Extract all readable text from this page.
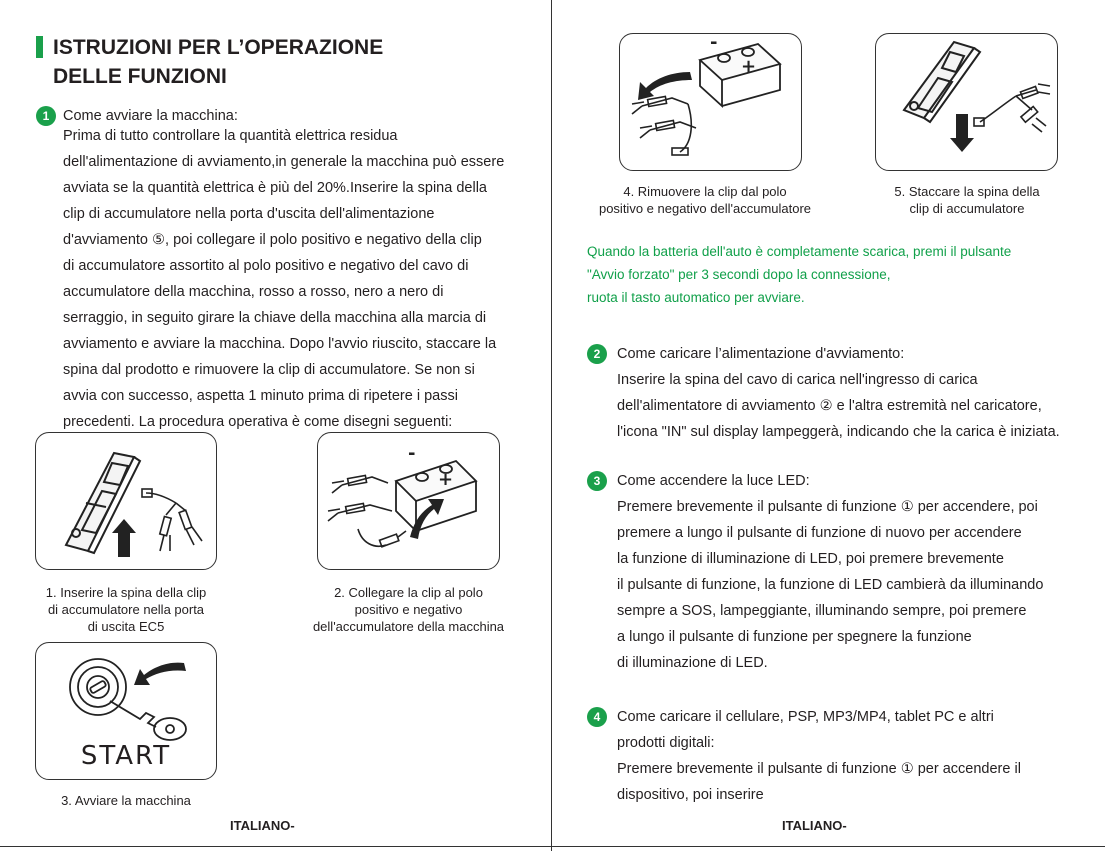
ISTRUZIONI PER L’OPERAZIONE
DELLE FUNZIONI
1 Come avviare la macchina:
Prima di tutto controllare la quantità elettrica residua
dell'alimentazione di avviamento,in generale la macchina può essere
avviata se la quantità elettrica è più del 20%.Inserire la spina della
clip di accumulatore nella porta d'uscita dell'alimentazione
d'avviamento ⑤, poi collegare il polo positivo e negativo della clip
di accumulatore assortito al polo positivo e negativo del cavo di
accumulatore della macchina, rosso a rosso, nero a nero di
serraggio, in seguito girare la chiave della macchina alla marcia di
avviamento e avviare la macchina. Dopo l'avvio riuscito, staccare la
spina dal prodotto e rimuovere la clip di accumulatore. Se non si
avvia con successo, aspetta 1 minuto prima di ripetere i passi
precedenti. La procedura operativa è come disegni seguenti:
1. Inserire la spina della clip
di accumulatore nella porta
di uscita EC5
-
+
2. Collegare la clip al polo
positivo e negativo
dell'accumulatore della macchina
START
3. Avviare la macchina
ITALIANO-
-
+
4. Rimuovere la clip dal polo
positivo e negativo dell'accumulatore
5. Staccare la spina della
clip di accumulatore
Quando la batteria dell'auto è completamente scarica, premi il pulsante
"Avvio forzato" per 3 secondi dopo la connessione,
ruota il tasto automatico per avviare.
2	Come caricare l’alimentazione d'avviamento:
Inserire la spina del cavo di carica nell'ingresso di carica
dell'alimentatore di avviamento ② e l'altra estremità nel caricatore,
l'icona "IN" sul display lampeggerà, indicando che la carica è iniziata.
3	Come accendere la luce LED:
Premere brevemente il pulsante di funzione ① per accendere, poi
premere a lungo il pulsante di funzione di nuovo per accendere
la funzione di illuminazione di LED, poi premere brevemente
il pulsante di funzione, la funzione di LED cambierà da illuminando
sempre a SOS, lampeggiante, illuminando sempre, poi premere
a lungo il pulsante di funzione per spegnere la funzione
di illuminazione di LED.
4	Come caricare il cellulare, PSP, MP3/MP4, tablet PC e altri
prodotti digitali:
Premere brevemente il pulsante di funzione ① per accendere il
dispositivo, poi inserire
ITALIANO-
